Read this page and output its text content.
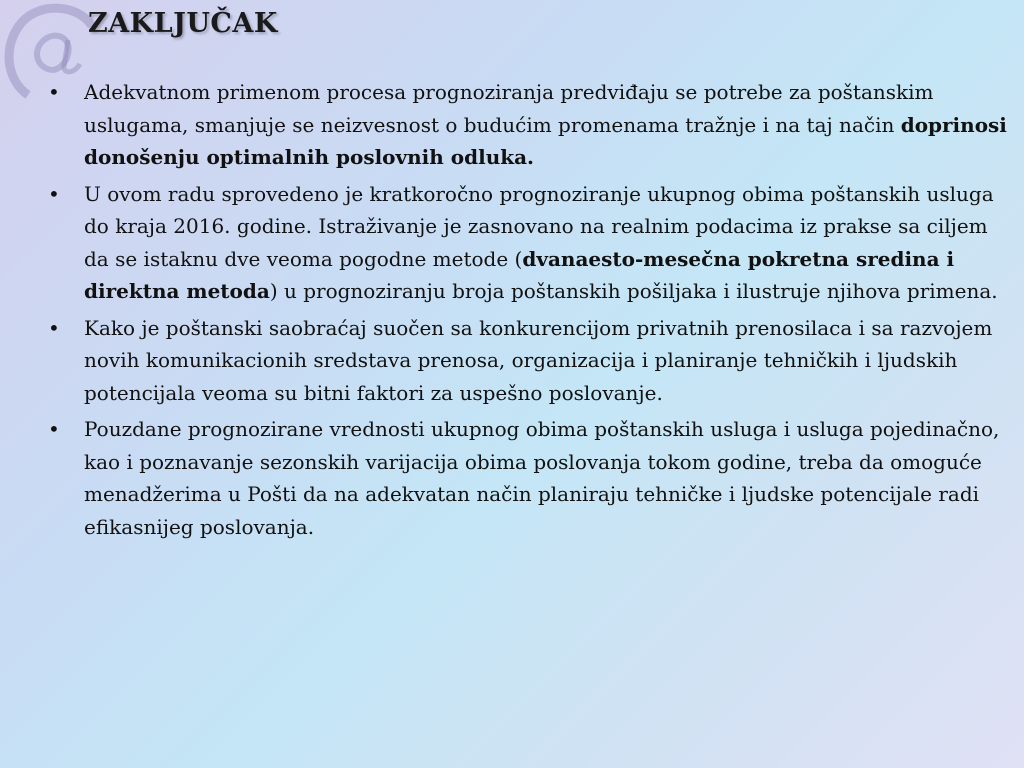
ZAKLJUČAK
•	Adekvatnom primenom procesa prognoziranja predviđaju se potrebe za poštanskim uslugama, smanjuje se neizvesnost o budućim promenama tražnje i na taj način doprinosi donošenju optimalnih poslovnih odluka.
•	U ovom radu sprovedeno je kratkoročno prognoziranje ukupnog obima poštanskih usluga do kraja 2016. godine. Istraživanje je zasnovano na realnim podacima iz prakse sa ciljem da se istaknu dve veoma pogodne metode (dvanaesto-mesečna pokretna sredina i direktna metoda) u prognoziranju broja poštanskih pošiljaka i ilustruje njihova primena.
•	Kako je poštanski saobraćaj suočen sa konkurencijom privatnih prenosilaca i sa razvojem novih komunikacionih sredstava prenosa, organizacija i planiranje tehničkih i ljudskih potencijala veoma su bitni faktori za uspešno poslovanje.
•	Pouzdane prognozirane vrednosti ukupnog obima poštanskih usluga i usluga pojedinačno, kao i poznavanje sezonskih varijacija obima poslovanja tokom godine, treba da omoguće menadžerima u Pošti da na adekvatan način planiraju tehničke i ljudske potencijale radi efikasnijeg poslovanja.
